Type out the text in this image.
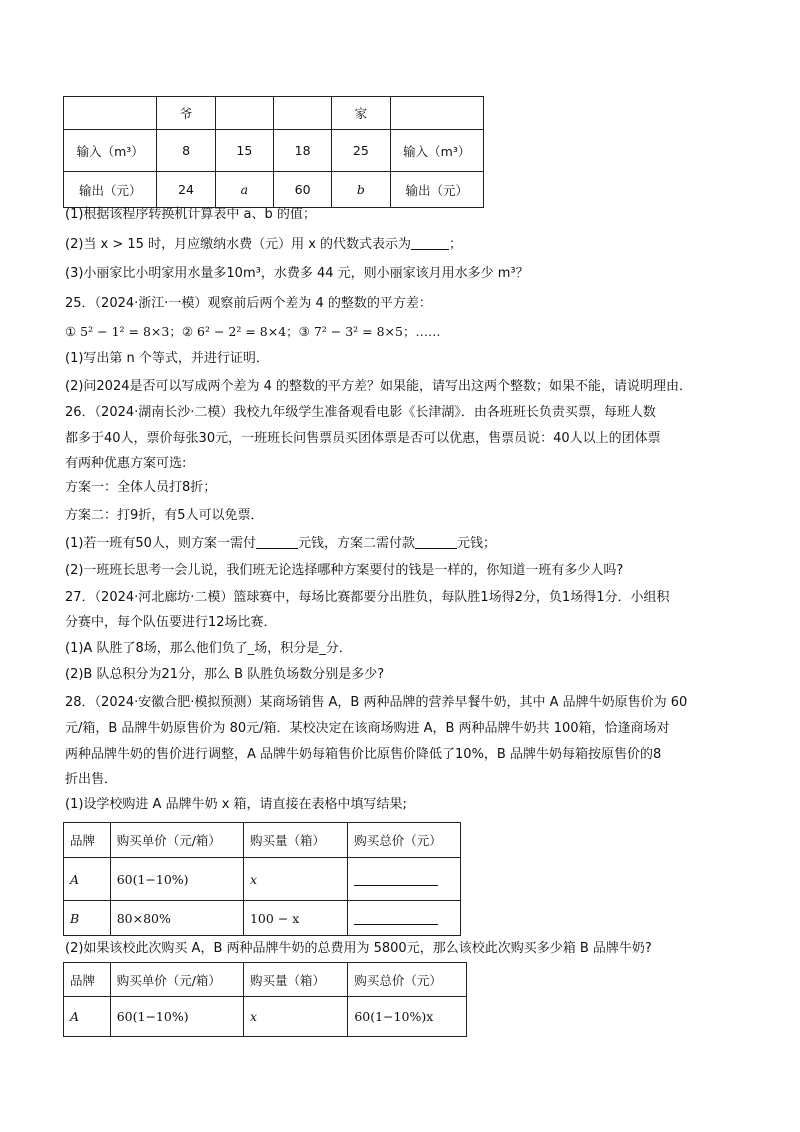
	爷			家	
输入（m³）	8	15	18	25	输入（m³）
输出（元）	24	a	60	b	输出（元）
(1)根据该程序转换机计算表中 a、b 的值；
(2)当 x > 15 时，月应缴纳水费（元）用 x 的代数式表示为	；
(3)小丽家比小明家用水量多10m³，水费多 44 元，则小丽家该月用水多少 m³？
25．（2024·浙江·一模）观察前后两个差为 4 的整数的平方差：
① 5² − 1² = 8×3；② 6² − 2² = 8×4；③ 7² − 3² = 8×5；……
(1)写出第 n 个等式，并进行证明．
(2)问2024是否可以写成两个差为 4 的整数的平方差？如果能，请写出这两个整数；如果不能，请说明理由．
26．（2024·湖南长沙·二模）我校九年级学生准备观看电影《长津湖》．由各班班长负责买票，每班人数
都多于40人，票价每张30元，一班班长问售票员买团体票是否可以优惠，售票员说：40人以上的团体票
有两种优惠方案可选:
方案一：全体人员打8折；
方案二：打9折，有5人可以免票．
(1)若一班有50人，则方案一需付	元钱，方案二需付款	元钱；
(2)一班班长思考一会儿说，我们班无论选择哪种方案要付的钱是一样的，你知道一班有多少人吗?
27．（2024·河北廊坊·二模）篮球赛中，每场比赛都要分出胜负，每队胜1场得2分，负1场得1分．小组积
分赛中，每个队伍要进行12场比赛．
(1)A 队胜了8场，那么他们负了_场，积分是_分．
(2)B 队总积分为21分，那么 B 队胜负场数分别是多少?
28．（2024·安徽合肥·模拟预测）某商场销售 A，B 两种品牌的营养早餐牛奶，其中 A 品牌牛奶原售价为 60
元/箱，B 品牌牛奶原售价为 80元/箱．某校决定在该商场购进 A，B 两种品牌牛奶共 100箱，恰逢商场对
两种品牌牛奶的售价进行调整，A 品牌牛奶每箱售价比原售价降低了10%，B 品牌牛奶每箱按原售价的8
折出售．
(1)设学校购进 A 品牌牛奶 x 箱，请直接在表格中填写结果;
品牌	购买单价（元/箱）	购买量（箱）	购买总价（元）
A	60(1−10%)	x	
B	80×80%	100 − x	
(2)如果该校此次购买 A，B 两种品牌牛奶的总费用为 5800元，那么该校此次购买多少箱 B 品牌牛奶?
品牌	购买单价（元/箱）	购买量（箱）	购买总价（元）
A	60(1−10%)	x	60(1−10%)x
